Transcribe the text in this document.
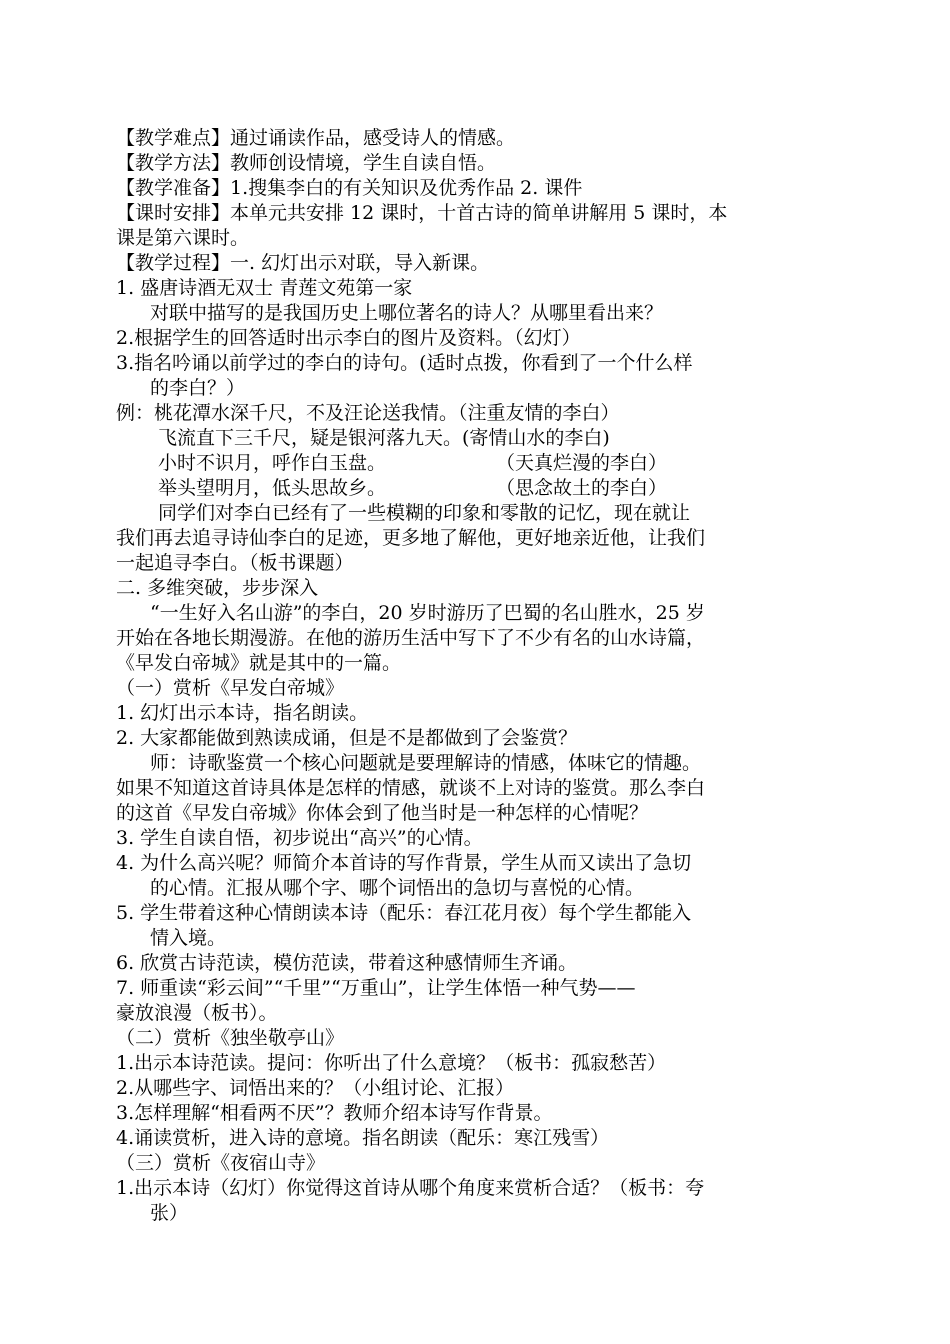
【教学难点】通过诵读作品，感受诗人的情感。
【教学方法】教师创设情境，学生自读自悟。
【教学准备】1.搜集李白的有关知识及优秀作品 2. 课件
【课时安排】本单元共安排 12 课时，十首古诗的简单讲解用 5 课时，本
课是第六课时。
【教学过程】一. 幻灯出示对联，导入新课。
1. 盛唐诗酒无双士 青莲文苑第一家
对联中描写的是我国历史上哪位著名的诗人？从哪里看出来？
2.根据学生的回答适时出示李白的图片及资料。（幻灯）
3.指名吟诵以前学过的李白的诗句。(适时点拨，你看到了一个什么样
的李白？）
例：桃花潭水深千尺，不及汪论送我情。（注重友情的李白）
飞流直下三千尺，疑是银河落九天。(寄情山水的李白)
小时不识月，呼作白玉盘。	（天真烂漫的李白）
举头望明月，低头思故乡。	（思念故土的李白）
同学们对李白已经有了一些模糊的印象和零散的记忆，现在就让
我们再去追寻诗仙李白的足迹，更多地了解他，更好地亲近他，让我们
一起追寻李白。（板书课题）
二. 多维突破，步步深入
“一生好入名山游”的李白，20 岁时游历了巴蜀的名山胜水，25 岁
开始在各地长期漫游。在他的游历生活中写下了不少有名的山水诗篇，
《早发白帝城》就是其中的一篇。
（一）赏析《早发白帝城》
1. 幻灯出示本诗，指名朗读。
2. 大家都能做到熟读成诵，但是不是都做到了会鉴赏？
师：诗歌鉴赏一个核心问题就是要理解诗的情感，体味它的情趣。
如果不知道这首诗具体是怎样的情感，就谈不上对诗的鉴赏。那么李白
的这首《早发白帝城》你体会到了他当时是一种怎样的心情呢？
3. 学生自读自悟，初步说出“高兴”的心情。
4. 为什么高兴呢？师简介本首诗的写作背景，学生从而又读出了急切
的心情。汇报从哪个字、哪个词悟出的急切与喜悦的心情。
5. 学生带着这种心情朗读本诗（配乐：春江花月夜）每个学生都能入
情入境。
6. 欣赏古诗范读，模仿范读，带着这种感情师生齐诵。
7. 师重读“彩云间”“千里”“万重山”，让学生体悟一种气势——
豪放浪漫（板书）。
（二）赏析《独坐敬亭山》
1.出示本诗范读。提问：你听出了什么意境？（板书：孤寂愁苦）
2.从哪些字、词悟出来的？（小组讨论、汇报）
3.怎样理解“相看两不厌”？教师介绍本诗写作背景。
4.诵读赏析，进入诗的意境。指名朗读（配乐：寒江残雪）
（三）赏析《夜宿山寺》
1.出示本诗（幻灯）你觉得这首诗从哪个角度来赏析合适？（板书：夸
张）
